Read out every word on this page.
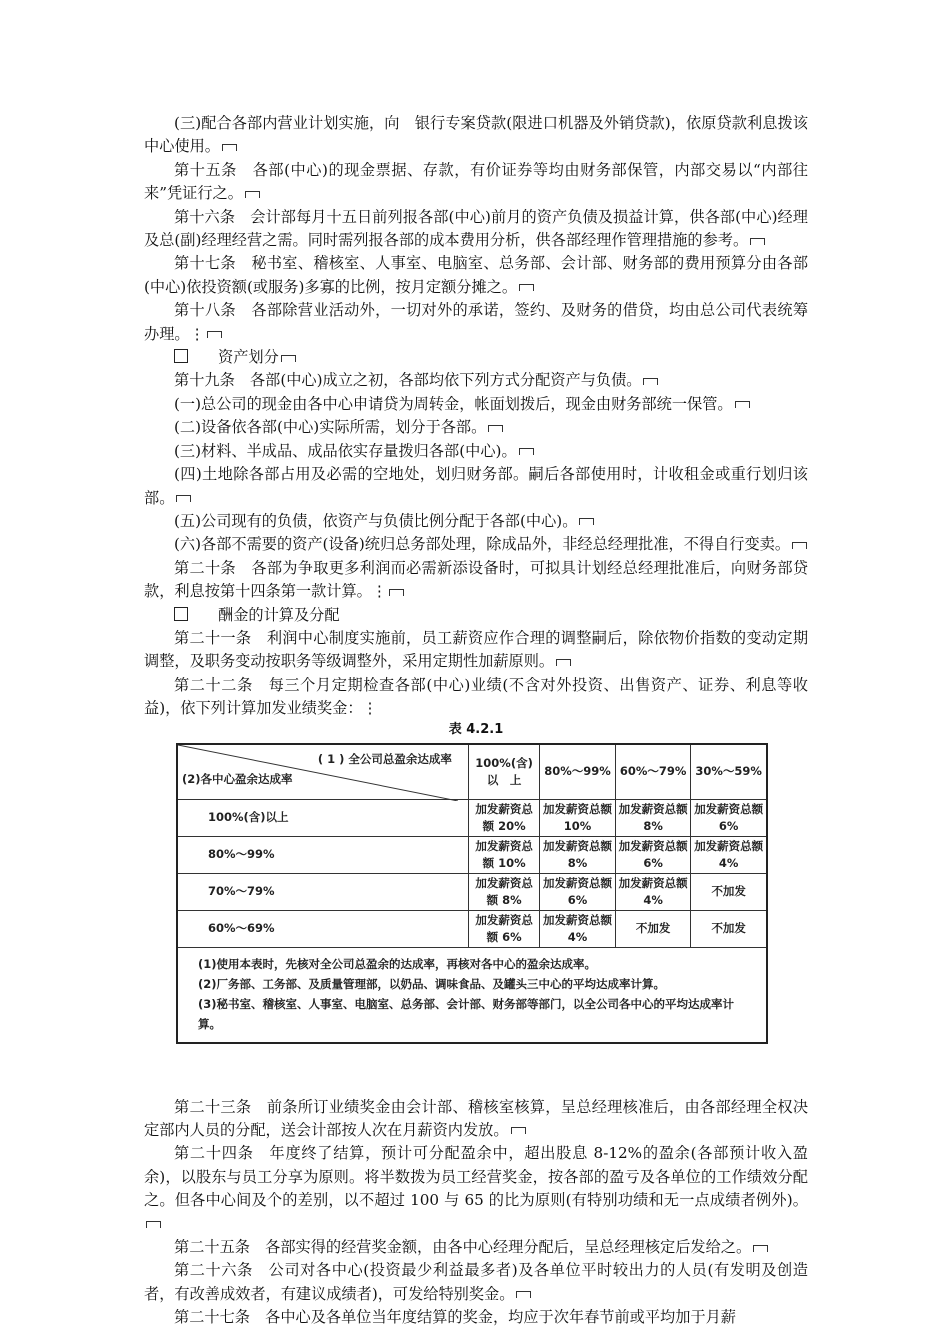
(三)配合各部内营业计划实施，向　银行专案贷款(限进口机器及外销贷款)，依原贷款利息拨该中心使用。

第十五条　各部(中心)的现金票据、存款，有价证券等均由财务部保管，内部交易以“内部往来”凭证行之。

第十六条　会计部每月十五日前列报各部(中心)前月的资产负债及损益计算，供各部(中心)经理及总(副)经理经营之需。同时需列报各部的成本费用分析，供各部经理作管理措施的参考。

第十七条　秘书室、稽核室、人事室、电脑室、总务部、会计部、财务部的费用预算分由各部(中心)依投资额(或服务)多寡的比例，按月定额分摊之。

第十八条　各部除营业活动外，一切对外的承诺，签约、及财务的借贷，均由总公司代表统筹办理。⋮

资产划分

第十九条　各部(中心)成立之初，各部均依下列方式分配资产与负债。

(一)总公司的现金由各中心申请贷为周转金，帐面划拨后，现金由财务部统一保管。

(二)设备依各部(中心)实际所需，划分于各部。

(三)材料、半成品、成品依实存量拨归各部(中心)。

(四)土地除各部占用及必需的空地处，划归财务部。嗣后各部使用时，计收租金或重行划归该部。

(五)公司现有的负债，依资产与负债比例分配于各部(中心)。

(六)各部不需要的资产(设备)统归总务部处理，除成品外，非经总经理批准，不得自行变卖。

第二十条　各部为争取更多利润而必需新添设备时，可拟具计划经总经理批准后，向财务部贷款，利息按第十四条第一款计算。⋮

酬金的计算及分配

第二十一条　利润中心制度实施前，员工薪资应作合理的调整嗣后，除依物价指数的变动定期调整，及职务变动按职务等级调整外，采用定期性加薪原则。

第二十二条　每三个月定期检查各部(中心)业绩(不含对外投资、出售资产、证券、利息等收益)，依下列计算加发业绩奖金：⋮

表 4.2.1

( 1 ) 全公司总盈余达成率
(2)各中心盈余达成率	100%(含)以　上	80%～99%	60%～79%	30%～59%
100%(含)以上	加发薪资总额 20%	加发薪资总额 10%	加发薪资总额 8%	加发薪资总额 6%
80%～99%	加发薪资总额 10%	加发薪资总额 8%	加发薪资总额 6%	加发薪资总额 4%
70%～79%	加发薪资总额 8%	加发薪资总额 6%	加发薪资总额 4%	不加发
60%～69%	加发薪资总额 6%	加发薪资总额 4%	不加发	不加发

(1)使用本表时，先核对全公司总盈余的达成率，再核对各中心的盈余达成率。
(2)厂务部、工务部、及质量管理部，以奶品、调味食品、及罐头三中心的平均达成率计算。
(3)秘书室、稽核室、人事室、电脑室、总务部、会计部、财务部等部门，以全公司各中心的平均达成率计算。				

第二十三条　前条所订业绩奖金由会计部、稽核室核算，呈总经理核准后，由各部经理全权决定部内人员的分配，送会计部按人次在月薪资内发放。

第二十四条　年度终了结算，预计可分配盈余中，超出股息 8-12%的盈余(各部预计收入盈余)，以股东与员工分享为原则。将半数拨为员工经营奖金，按各部的盈亏及各单位的工作绩效分配之。但各中心间及个的差别，以不超过 100 与 65 的比为原则(有特别功绩和无一点成绩者例外)。

第二十五条　各部实得的经营奖金额，由各中心经理分配后，呈总经理核定后发给之。

第二十六条　公司对各中心(投资最少利益最多者)及各单位平时较出力的人员(有发明及创造者，有改善成效者，有建议成绩者)，可发给特别奖金。

第二十七条　各中心及各单位当年度结算的奖金，均应于次年春节前或平均加于月薪
